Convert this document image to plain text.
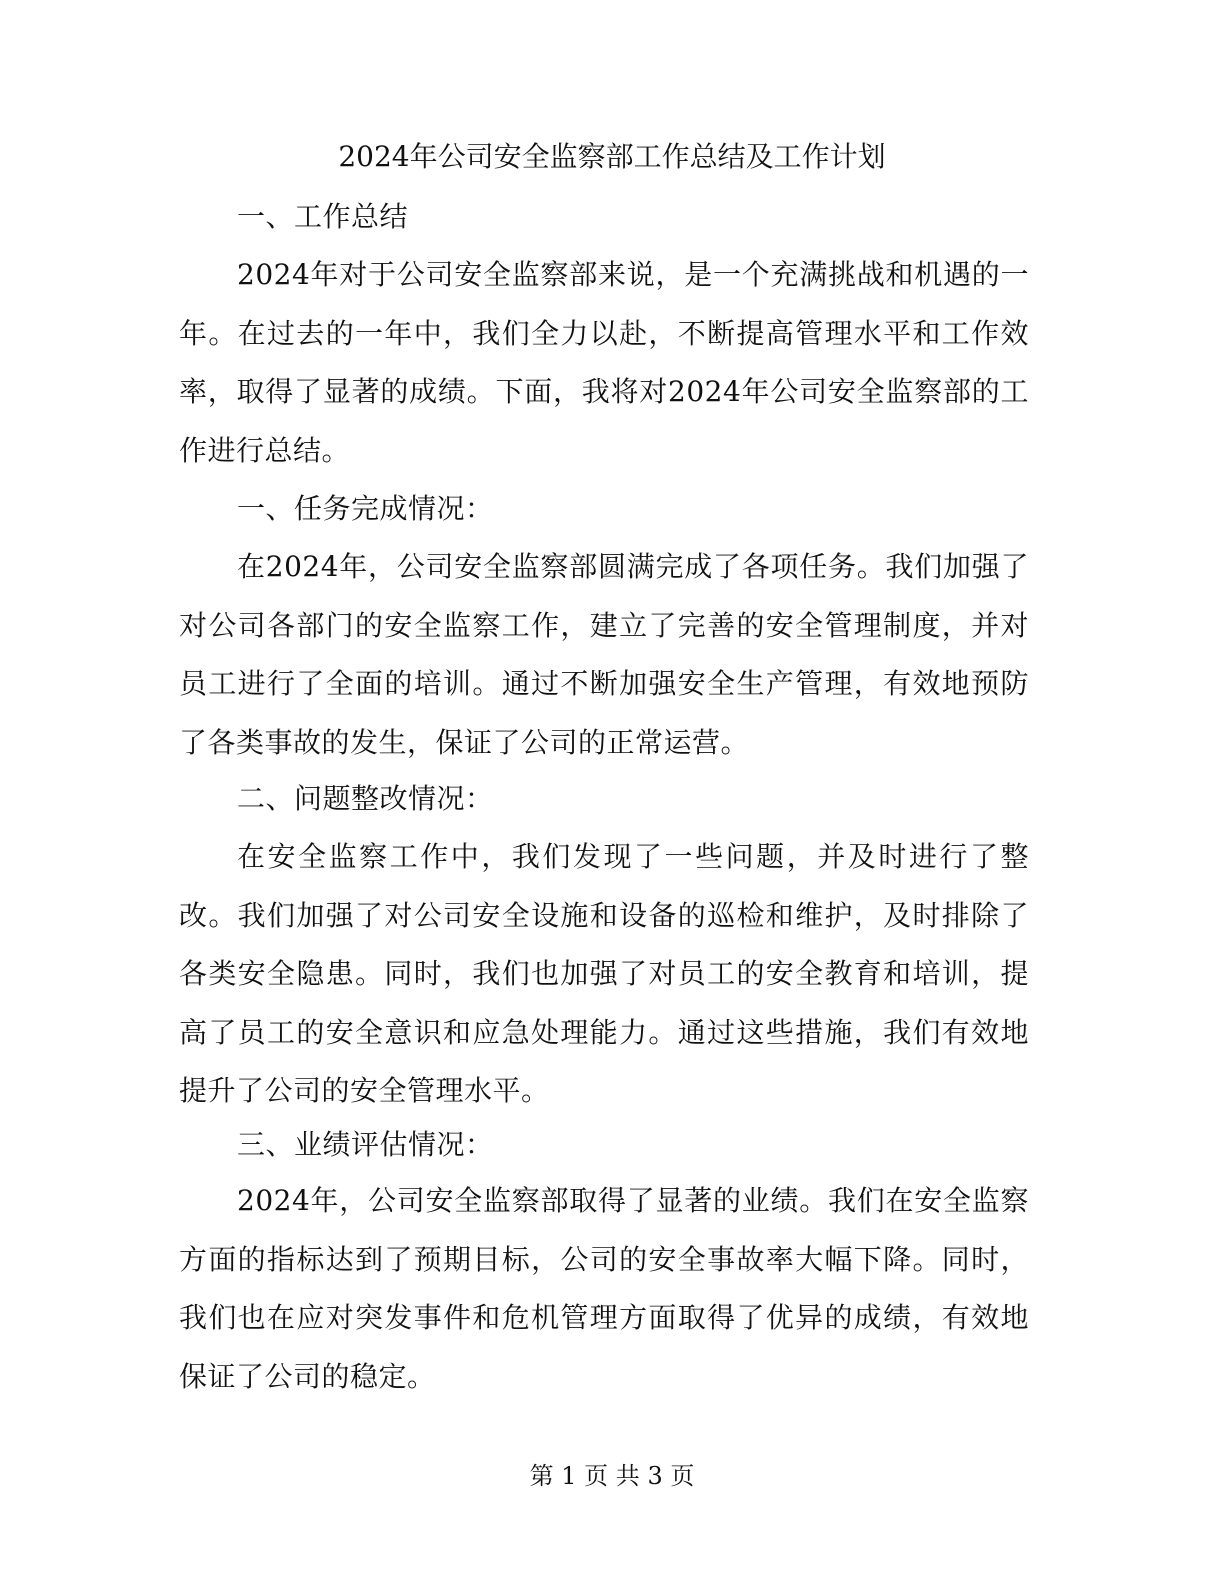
2024年公司安全监察部工作总结及工作计划
一、工作总结

2024年对于公司安全监察部来说，是一个充满挑战和机遇的一年。在过去的一年中，我们全力以赴，不断提高管理水平和工作效率，取得了显著的成绩。下面，我将对2024年公司安全监察部的工作进行总结。

一、任务完成情况：

在2024年，公司安全监察部圆满完成了各项任务。我们加强了对公司各部门的安全监察工作，建立了完善的安全管理制度，并对员工进行了全面的培训。通过不断加强安全生产管理，有效地预防了各类事故的发生，保证了公司的正常运营。

二、问题整改情况：

在安全监察工作中，我们发现了一些问题，并及时进行了整改。我们加强了对公司安全设施和设备的巡检和维护，及时排除了各类安全隐患。同时，我们也加强了对员工的安全教育和培训，提高了员工的安全意识和应急处理能力。通过这些措施，我们有效地提升了公司的安全管理水平。

三、业绩评估情况：

2024年，公司安全监察部取得了显著的业绩。我们在安全监察方面的指标达到了预期目标，公司的安全事故率大幅下降。同时，我们也在应对突发事件和危机管理方面取得了优异的成绩，有效地保证了公司的稳定。

第 1 页 共 3 页
